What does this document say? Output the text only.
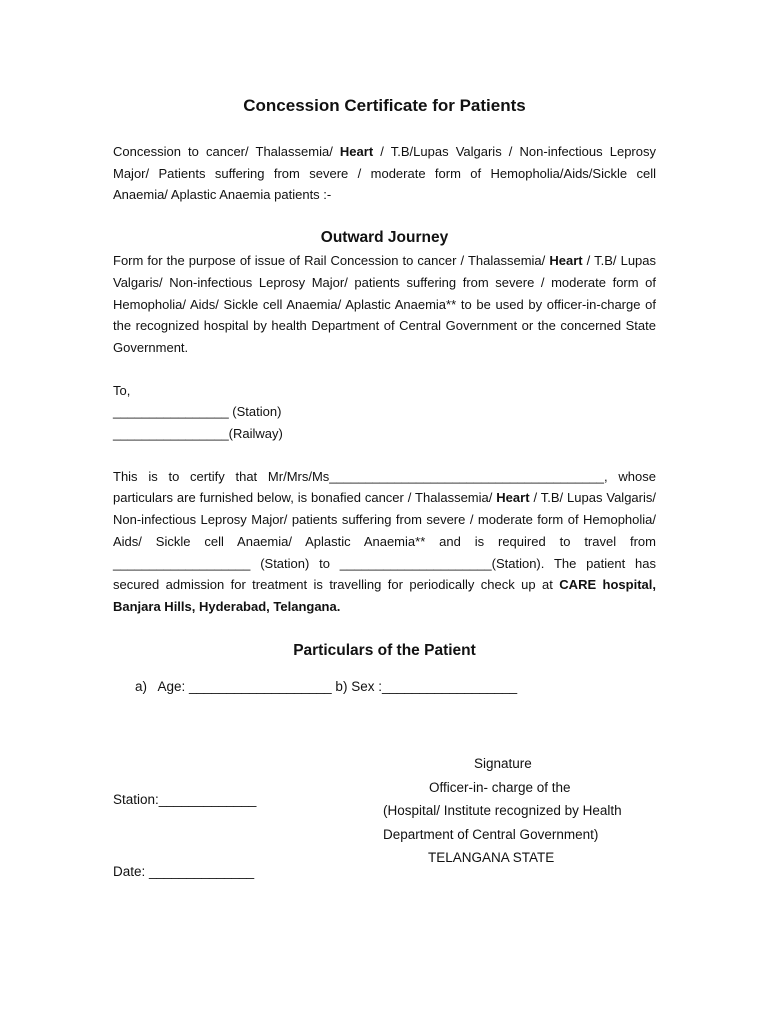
Concession Certificate for Patients

Concession to cancer/ Thalassemia/ Heart / T.B/Lupas Valgaris / Non-infectious Leprosy Major/ Patients suffering from severe / moderate form of Hemopholia/Aids/Sickle cell Anaemia/ Aplastic Anaemia patients :-

Outward Journey

Form for the purpose of issue of Rail Concession to cancer / Thalassemia/ Heart / T.B/ Lupas Valgaris/ Non-infectious Leprosy Major/ patients suffering from severe / moderate form of Hemopholia/ Aids/ Sickle cell Anaemia/ Aplastic Anaemia** to be used by officer-in-charge of the recognized hospital by health Department of Central Government or the concerned State Government.

To,

________________ (Station)

________________(Railway)

This is to certify that Mr/Mrs/Ms______________________________________, whose particulars are furnished below, is bonafied cancer / Thalassemia/ Heart / T.B/ Lupas Valgaris/ Non-infectious Leprosy Major/ patients suffering from severe / moderate form of Hemopholia/ Aids/ Sickle cell Anaemia/ Aplastic Anaemia** and is required to travel from ___________________ (Station) to _____________________(Station). The patient has secured admission for treatment is travelling for periodically check up at CARE hospital, Banjara Hills, Hyderabad, Telangana.

Particulars of the Patient

a)   Age: ___________________ b) Sex :__________________

Station:_____________

Date: ______________

Signature
Officer-in- charge of the
(Hospital/ Institute recognized by Health
Department of Central Government)
TELANGANA STATE
